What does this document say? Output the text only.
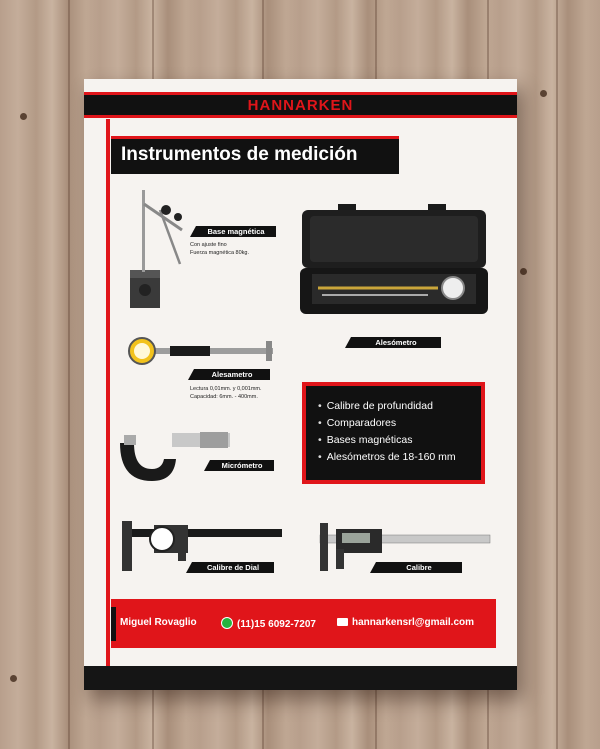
HANNARKEN
Instrumentos de medición
Base magnética
Con ajuste fino
Fuerza magnética 80kg.
Alesómetro
Alesametro
Lectura 0,01mm. y 0,001mm.
Capacidad: 6mm. - 400mm.
Micrómetro
• Calibre de profundidad
• Comparadores
• Bases magnéticas
• Alesómetros de 18-160 mm
Calibre de Dial	Calibre
Miguel Rovaglio	(11)15 6092-7207	hannarkensrl@gmail.com
